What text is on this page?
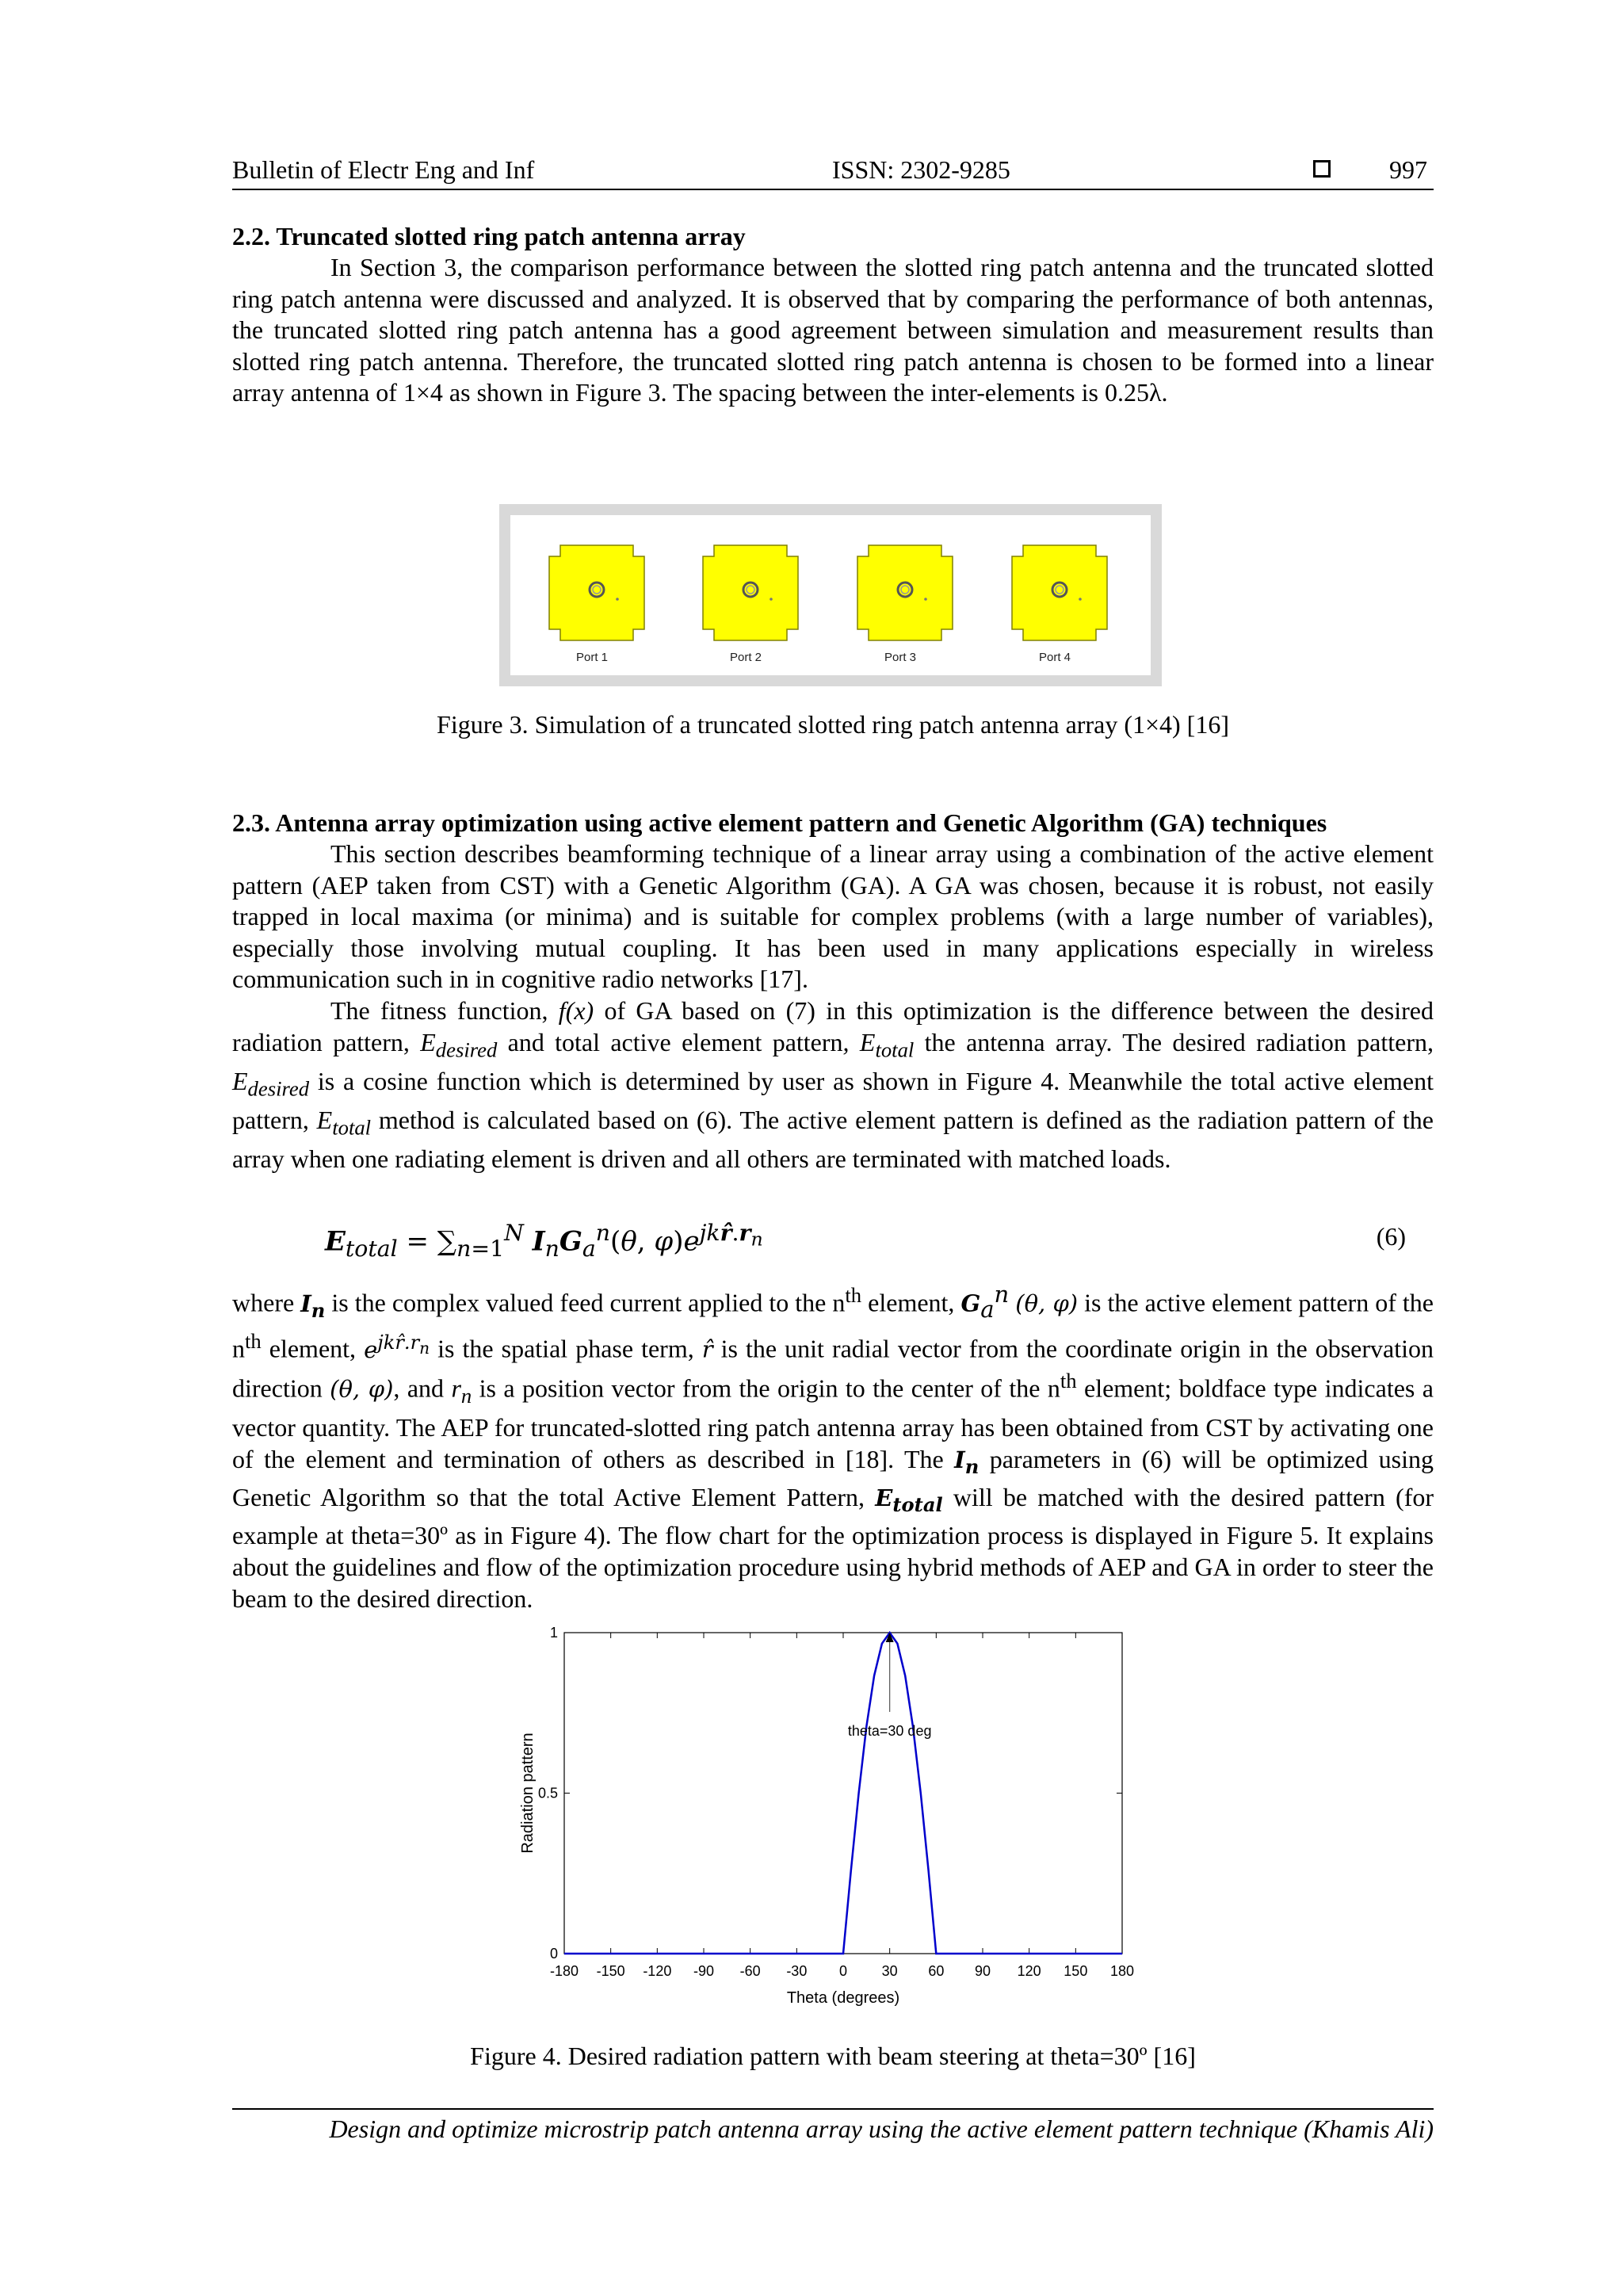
Bulletin of Electr Eng and Inf	ISSN: 2302-9285	997
2.2. Truncated slotted ring patch antenna array

In Section 3, the comparison performance between the slotted ring patch antenna and the truncated slotted ring patch antenna were discussed and analyzed. It is observed that by comparing the performance of both antennas, the truncated slotted ring patch antenna has a good agreement between simulation and measurement results than slotted ring patch antenna. Therefore, the truncated slotted ring patch antenna is chosen to be formed into a linear array antenna of 1×4 as shown in Figure 3. The spacing between the inter-elements is 0.25λ.

Port 1	Port 2	Port 3	Port 4
Figure 3. Simulation of a truncated slotted ring patch antenna array (1×4) [16]
2.3. Antenna array optimization using active element pattern and Genetic Algorithm (GA) techniques

This section describes beamforming technique of a linear array using a combination of the active element pattern (AEP taken from CST) with a Genetic Algorithm (GA). A GA was chosen, because it is robust, not easily trapped in local maxima (or minima) and is suitable for complex problems (with a large number of variables), especially those involving mutual coupling. It has been used in many applications especially in wireless communication such in in cognitive radio networks [17].

The fitness function, f(x) of GA based on (7) in this optimization is the difference between the desired radiation pattern, $E_{desired}$ and total active element pattern, $E_{total}$ the antenna array. The desired radiation pattern, $E_{desired}$ is a cosine function which is determined by user as shown in Figure 4. Meanwhile the total active element pattern, $E_{total}$ method is calculated based on (6). The active element pattern is defined as the radiation pattern of the array when one radiating element is driven and all others are terminated with matched loads.

$E_{total} = \sum_{n=1}^N$ $I_nG_a^n(\theta$, $\varphi)e^{jkr̂.r_n}$	(6)

where $I_n$ is the complex valued feed current applied to the $n^{th}$ element, $G_a^n$ (θ, φ) is the active element pattern of the $n^{th}$ element, $e^{jkr̂.r_n}$ is the spatial phase term, r̂ is the unit radial vector from the coordinate origin in the observation direction (θ, φ), and $r_n$ is a position vector from the origin to the center of the $n^{th}$ element; boldface type indicates a vector quantity. The AEP for truncated-slotted ring patch antenna array has been obtained from CST by activating one of the element and termination of others as described in [18]. The $I_n$ parameters in (6) will be optimized using Genetic Algorithm so that the total Active Element Pattern, $E_{total}$ will be matched with the desired pattern (for example at theta=30º as in Figure 4). The flow chart for the optimization process is displayed in Figure 5. It explains about the guidelines and flow of the optimization procedure using hybrid methods of AEP and GA in order to steer the beam to the desired direction.

-180 -150 -120 -90 -60 -30 0 30 60 90 120 150 180
0
0.5
1
theta=30 deg
Theta (degrees)
Radiation pattern
Figure 4. Desired radiation pattern with beam steering at theta=30º [16]
Design and optimize microstrip patch antenna array using the active element pattern technique (Khamis Ali)
